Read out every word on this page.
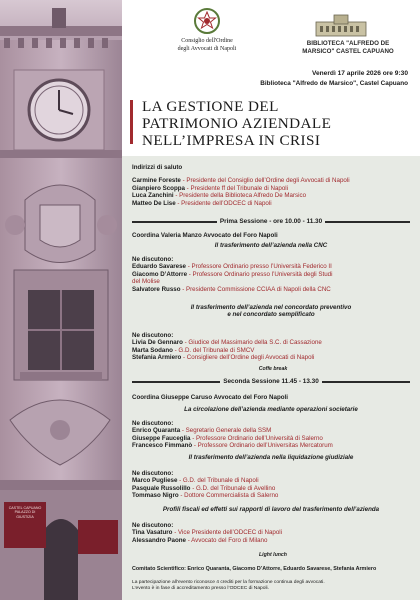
CASTEL CAPUANO
PALAZZO DI GIUSTIZIA
Consiglio dell'Ordine
degli Avvocati di Napoli
BIBLIOTECA "ALFREDO DE
MARSICO" CASTEL CAPUANO
Venerdì 17 aprile 2026 ore 9:30
Biblioteca "Alfredo de Marsico", Castel Capuano
LA GESTIONE DEL
PATRIMONIO AZIENDALE
NELL’IMPRESA IN CRISI
Indirizzi di saluto
Carmine Foreste - Presidente del Consiglio dell’Ordine degli Avvocati di Napoli
Gianpiero Scoppa - Presidente ff del Tribunale di Napoli
Luca Zanchini - Presidente della Biblioteca Alfredo De Marsico
Matteo De Lise - Presidente dell’ODCEC di Napoli
Prima Sessione - ore 10.00 - 11.30
Coordina Valeria Manzo Avvocato del Foro Napoli
Il trasferimento dell’azienda nella CNC
Ne discutono:
Eduardo Savarese - Professore Ordinario presso l’Università Federico II
Giacomo D’Attorre - Professore Ordinario presso l’Università degli Studi
del Molise
Salvatore Russo - Presidente Commissione CCIAA di Napoli della CNC
Il trasferimento dell’azienda nel concordato preventivo
e nel concordato semplificato
Ne discutono:
Livia De Gennaro - Giudice del Massimario della S.C. di Cassazione
Marta Sodano - G.D. del Tribunale di SMCV
Stefania Armiero - Consigliere dell’Ordine degli Avvocati di Napoli
Coffe break
Seconda Sessione 11.45 - 13.30
Coordina Giuseppe Caruso Avvocato del Foro Napoli
La circolazione dell’azienda mediante operazioni societarie
Ne discutono:
Enrico Quaranta - Segretario Generale della SSM
Giuseppe Fauceglia - Professore Ordinario dell’Università di Salerno
Francesco Fimmanò - Professore Ordinario dell’Universitas Mercatorum
Il trasferimento dell’azienda nella liquidazione giudiziale
Ne discutono:
Marco Pugliese - G.D. del Tribunale di Napoli
Pasquale Russolillo - G.D. del Tribunale di Avellino
Tommaso Nigro - Dottore Commercialista di Salerno
Profili fiscali ed effetti sui rapporti di lavoro del trasferimento dell’azienda
Ne discutono:
Tina Vasaturo - Vice Presidente dell’ODCEC di Napoli
Alessandro Paone - Avvocato del Foro di Milano
Light lunch
Comitato Scientifico: Enrico Quaranta, Giacomo D’Attorre, Eduardo Savarese, Stefania Armiero
La partecipazione all’evento riconosce 4 crediti per la formazione continua degli avvocati.
L’evento è in fase di accreditamento presso l’ODCEC di Napoli.
